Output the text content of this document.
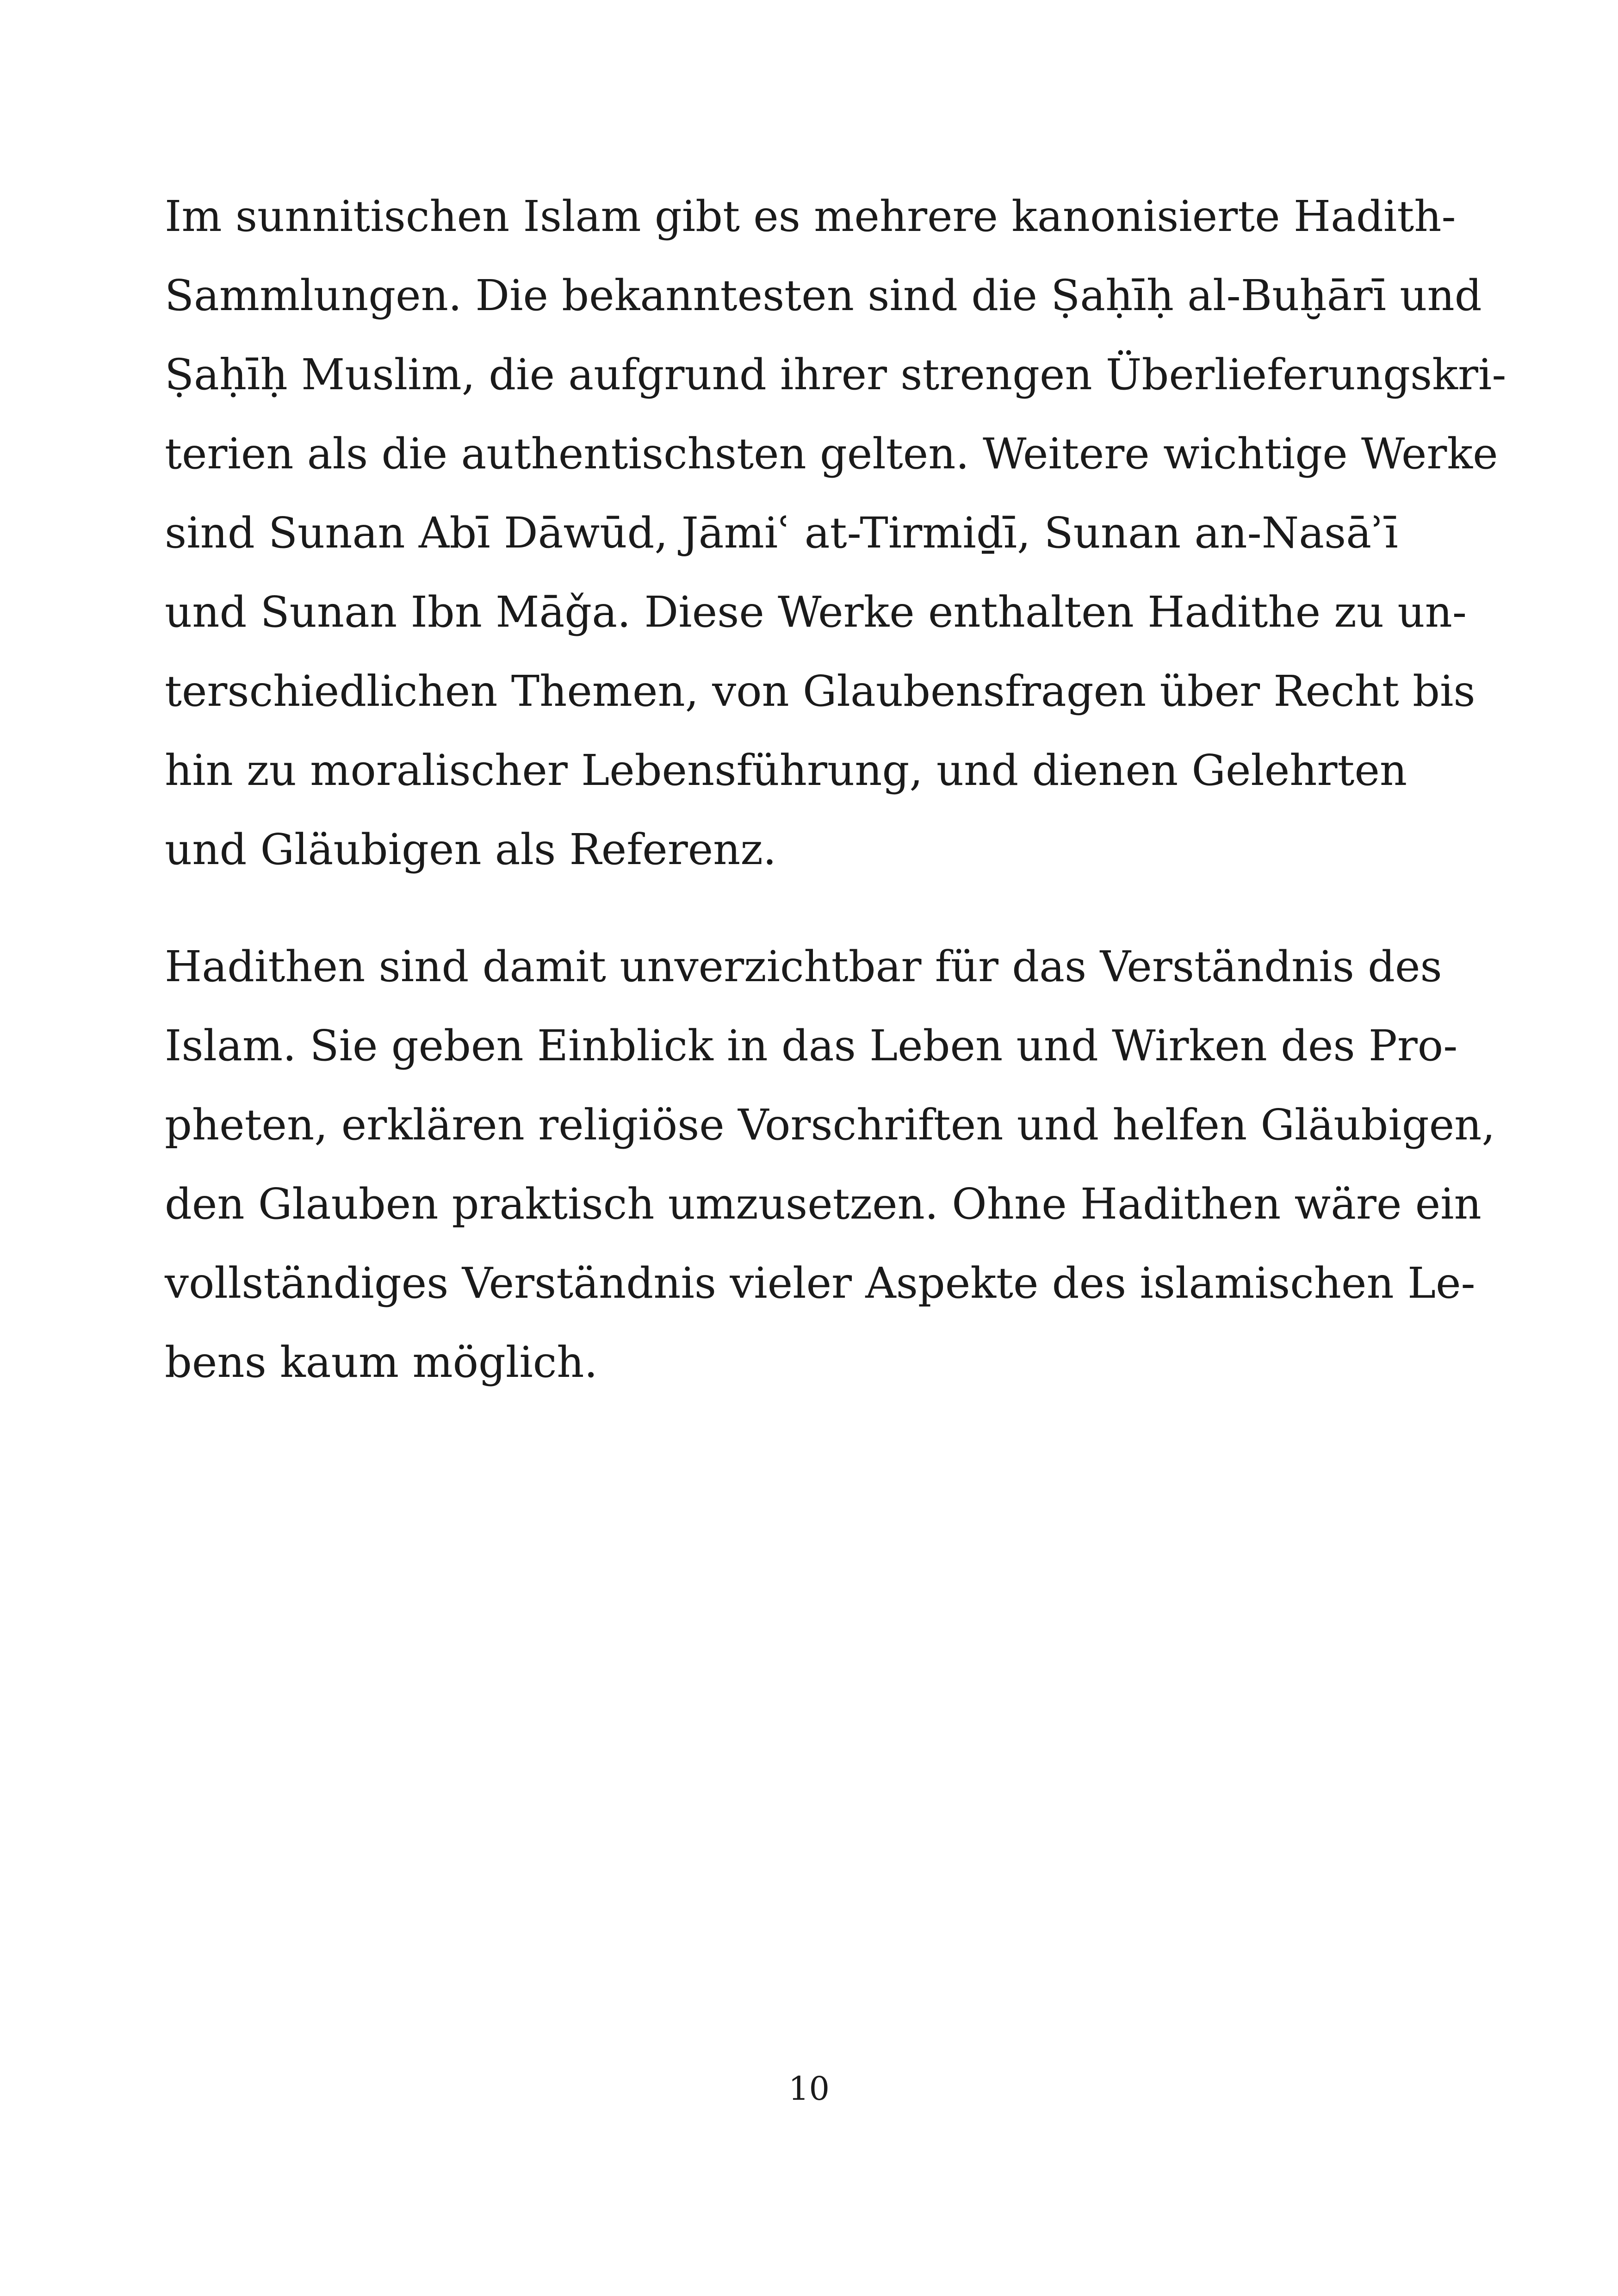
Im sunnitischen Islam gibt es mehrere kanonisierte Hadith-
Sammlungen. Die bekanntesten sind die Ṣaḥīḥ al-Buḫārī und
Ṣaḥīḥ Muslim, die aufgrund ihrer strengen Überlieferungskri-
terien als die authentischsten gelten. Weitere wichtige Werke
sind Sunan Abī Dāwūd, Jāmiʿ at-Tirmiḏī, Sunan an-Nasāʾī
und Sunan Ibn Māǧa. Diese Werke enthalten Hadithe zu un-
terschiedlichen Themen, von Glaubensfragen über Recht bis
hin zu moralischer Lebensführung, und dienen Gelehrten
und Gläubigen als Referenz.

Hadithen sind damit unverzichtbar für das Verständnis des
Islam. Sie geben Einblick in das Leben und Wirken des Pro-
pheten, erklären religiöse Vorschriften und helfen Gläubigen,
den Glauben praktisch umzusetzen. Ohne Hadithen wäre ein
vollständiges Verständnis vieler Aspekte des islamischen Le-
bens kaum möglich.

10
